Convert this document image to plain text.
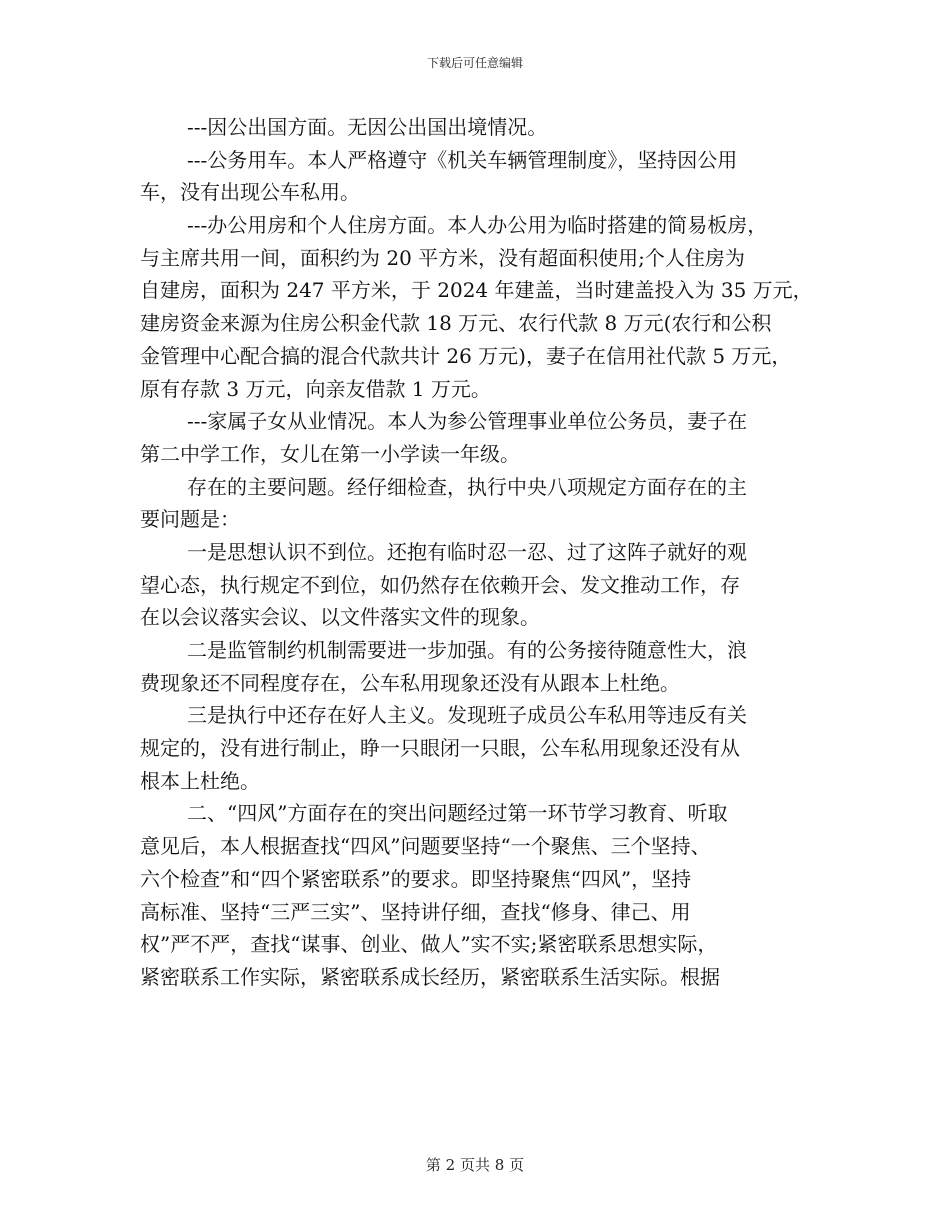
下载后可任意编辑
---因公出国方面。无因公出国出境情况。
---公务用车。本人严格遵守《机关车辆管理制度》，坚持因公用
车，没有出现公车私用。
---办公用房和个人住房方面。本人办公用为临时搭建的简易板房，
与主席共用一间，面积约为 20 平方米，没有超面积使用;个人住房为
自建房，面积为 247 平方米，于 2024 年建盖，当时建盖投入为 35 万元，
建房资金来源为住房公积金代款 18 万元、农行代款 8 万元(农行和公积
金管理中心配合搞的混合代款共计 26 万元)，妻子在信用社代款 5 万元，
原有存款 3 万元，向亲友借款 1 万元。
---家属子女从业情况。本人为参公管理事业单位公务员，妻子在
第二中学工作，女儿在第一小学读一年级。
存在的主要问题。经仔细检查，执行中央八项规定方面存在的主
要问题是：
一是思想认识不到位。还抱有临时忍一忍、过了这阵子就好的观
望心态，执行规定不到位，如仍然存在依赖开会、发文推动工作，存
在以会议落实会议、以文件落实文件的现象。
二是监管制约机制需要进一步加强。有的公务接待随意性大，浪
费现象还不同程度存在，公车私用现象还没有从跟本上杜绝。
三是执行中还存在好人主义。发现班子成员公车私用等违反有关
规定的，没有进行制止，睁一只眼闭一只眼，公车私用现象还没有从
根本上杜绝。
二、“四风”方面存在的突出问题经过第一环节学习教育、听取
意见后，本人根据查找“四风”问题要坚持“一个聚焦、三个坚持、
六个检查”和“四个紧密联系”的要求。即坚持聚焦“四风”，坚持
高标准、坚持“三严三实”、坚持讲仔细，查找“修身、律己、用
权”严不严，查找“谋事、创业、做人”实不实;紧密联系思想实际，
紧密联系工作实际，紧密联系成长经历，紧密联系生活实际。根据
第 2 页共 8 页
